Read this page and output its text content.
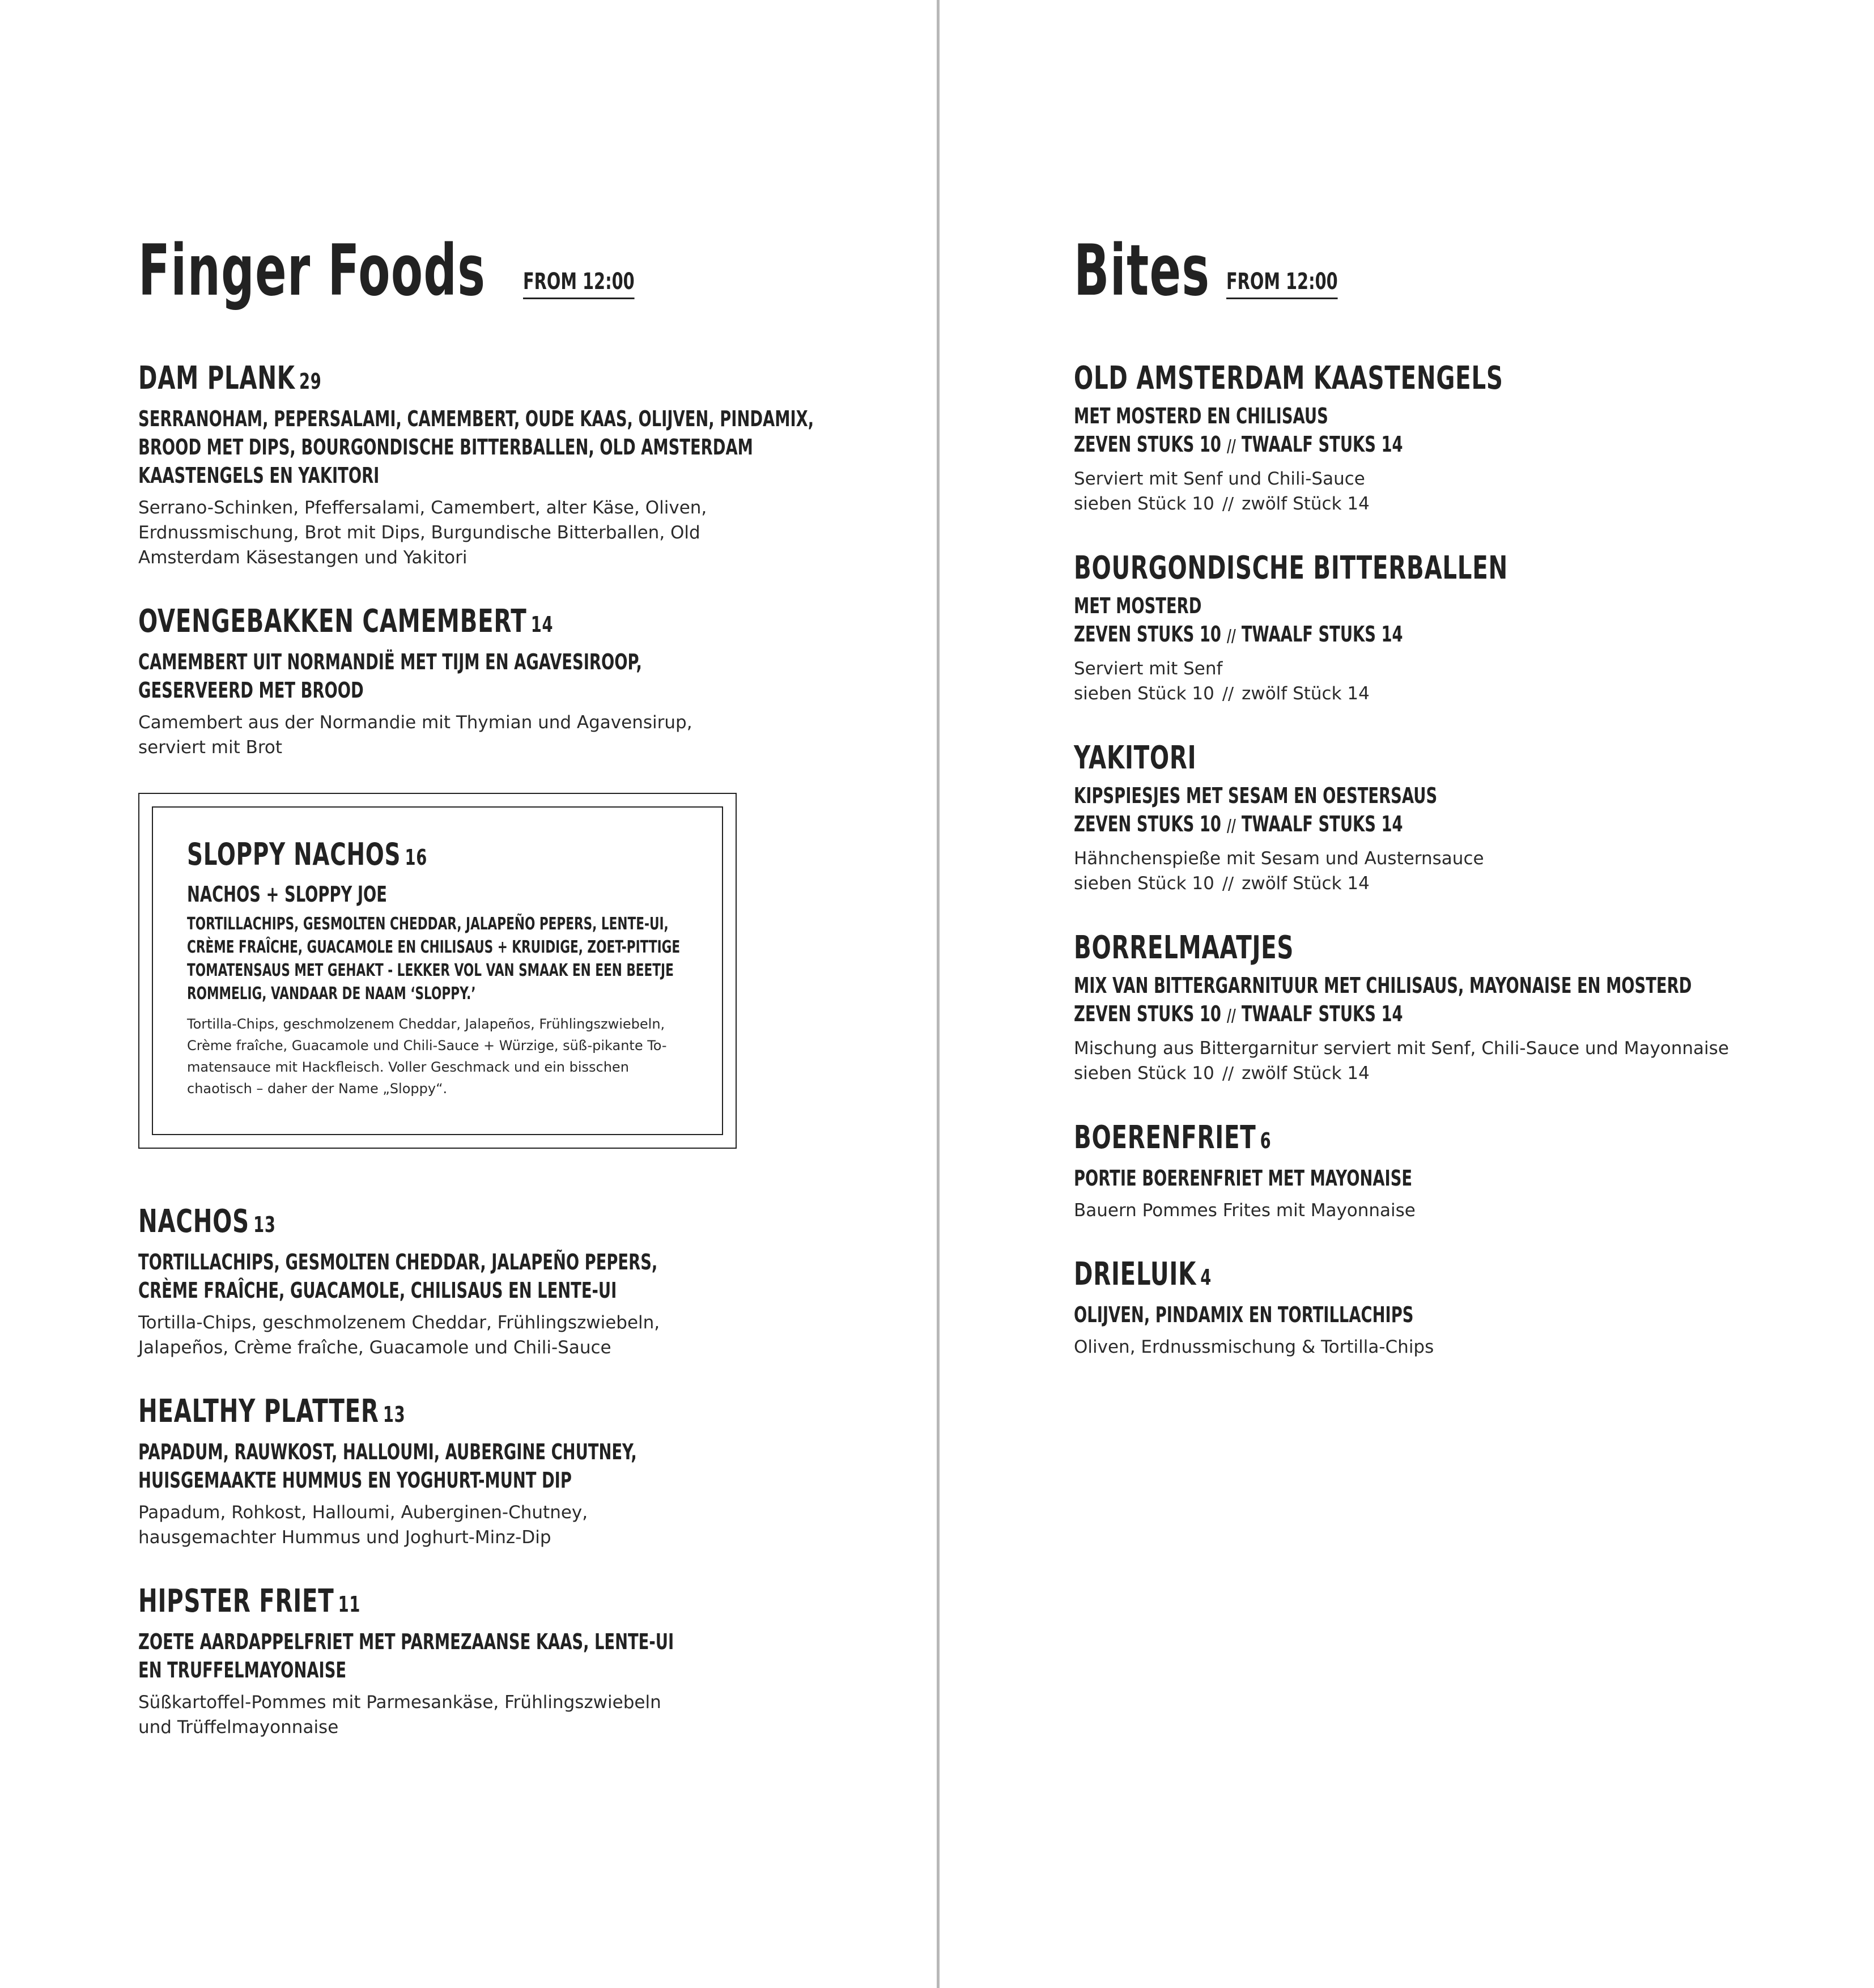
Finger Foods FROM 12:00
DAM PLANK 29
SERRANOHAM, PEPERSALAMI, CAMEMBERT, OUDE KAAS, OLIJVEN, PINDAMIX,
BROOD MET DIPS, BOURGONDISCHE BITTERBALLEN, OLD AMSTERDAM
KAASTENGELS EN YAKITORI
Serrano-Schinken, Pfeffersalami, Camembert, alter Käse, Oliven,
Erdnussmischung, Brot mit Dips, Burgundische Bitterballen, Old
Amsterdam Käsestangen und Yakitori
OVENGEBAKKEN CAMEMBERT 14
CAMEMBERT UIT NORMANDIË MET TIJM EN AGAVESIROOP,
GESERVEERD MET BROOD
Camembert aus der Normandie mit Thymian und Agavensirup,
serviert mit Brot
SLOPPY NACHOS 16
NACHOS + SLOPPY JOE
TORTILLACHIPS, GESMOLTEN CHEDDAR, JALAPEÑO PEPERS, LENTE-UI,
CRÈME FRAÎCHE, GUACAMOLE EN CHILISAUS + KRUIDIGE, ZOET-PITTIGE
TOMATENSAUS MET GEHAKT - LEKKER VOL VAN SMAAK EN EEN BEETJE
ROMMELIG, VANDAAR DE NAAM ‘SLOPPY.’
Tortilla-Chips, geschmolzenem Cheddar, Jalapeños, Frühlingszwiebeln,
Crème fraîche, Guacamole und Chili-Sauce + Würzige, süß-pikante To-
matensauce mit Hackfleisch. Voller Geschmack und ein bisschen
chaotisch – daher der Name „Sloppy“.
NACHOS 13
TORTILLACHIPS, GESMOLTEN CHEDDAR, JALAPEÑO PEPERS,
CRÈME FRAÎCHE, GUACAMOLE, CHILISAUS EN LENTE-UI
Tortilla-Chips, geschmolzenem Cheddar, Frühlingszwiebeln,
Jalapeños, Crème fraîche, Guacamole und Chili-Sauce
HEALTHY PLATTER 13
PAPADUM, RAUWKOST, HALLOUMI, AUBERGINE CHUTNEY,
HUISGEMAAKTE HUMMUS EN YOGHURT-MUNT DIP
Papadum, Rohkost, Halloumi, Auberginen-Chutney,
hausgemachter Hummus und Joghurt-Minz-Dip
HIPSTER FRIET 11
ZOETE AARDAPPELFRIET MET PARMEZAANSE KAAS, LENTE-UI
EN TRUFFELMAYONAISE
Süßkartoffel-Pommes mit Parmesankäse, Frühlingszwiebeln
und Trüffelmayonnaise
Bites FROM 12:00
OLD AMSTERDAM KAASTENGELS
MET MOSTERD EN CHILISAUS
ZEVEN STUKS 10 // TWAALF STUKS 14
Serviert mit Senf und Chili-Sauce
sieben Stück 10 // zwölf Stück 14
BOURGONDISCHE BITTERBALLEN
MET MOSTERD
ZEVEN STUKS 10 // TWAALF STUKS 14
Serviert mit Senf
sieben Stück 10 // zwölf Stück 14
YAKITORI
KIPSPIESJES MET SESAM EN OESTERSAUS
ZEVEN STUKS 10 // TWAALF STUKS 14
Hähnchenspieße mit Sesam und Austernsauce
sieben Stück 10 // zwölf Stück 14
BORRELMAATJES
MIX VAN BITTERGARNITUUR MET CHILISAUS, MAYONAISE EN MOSTERD
ZEVEN STUKS 10 // TWAALF STUKS 14
Mischung aus Bittergarnitur serviert mit Senf, Chili-Sauce und Mayonnaise
sieben Stück 10 // zwölf Stück 14
BOERENFRIET 6
PORTIE BOERENFRIET MET MAYONAISE
Bauern Pommes Frites mit Mayonnaise
DRIELUIK 4
OLIJVEN, PINDAMIX EN TORTILLACHIPS
Oliven, Erdnussmischung & Tortilla-Chips
